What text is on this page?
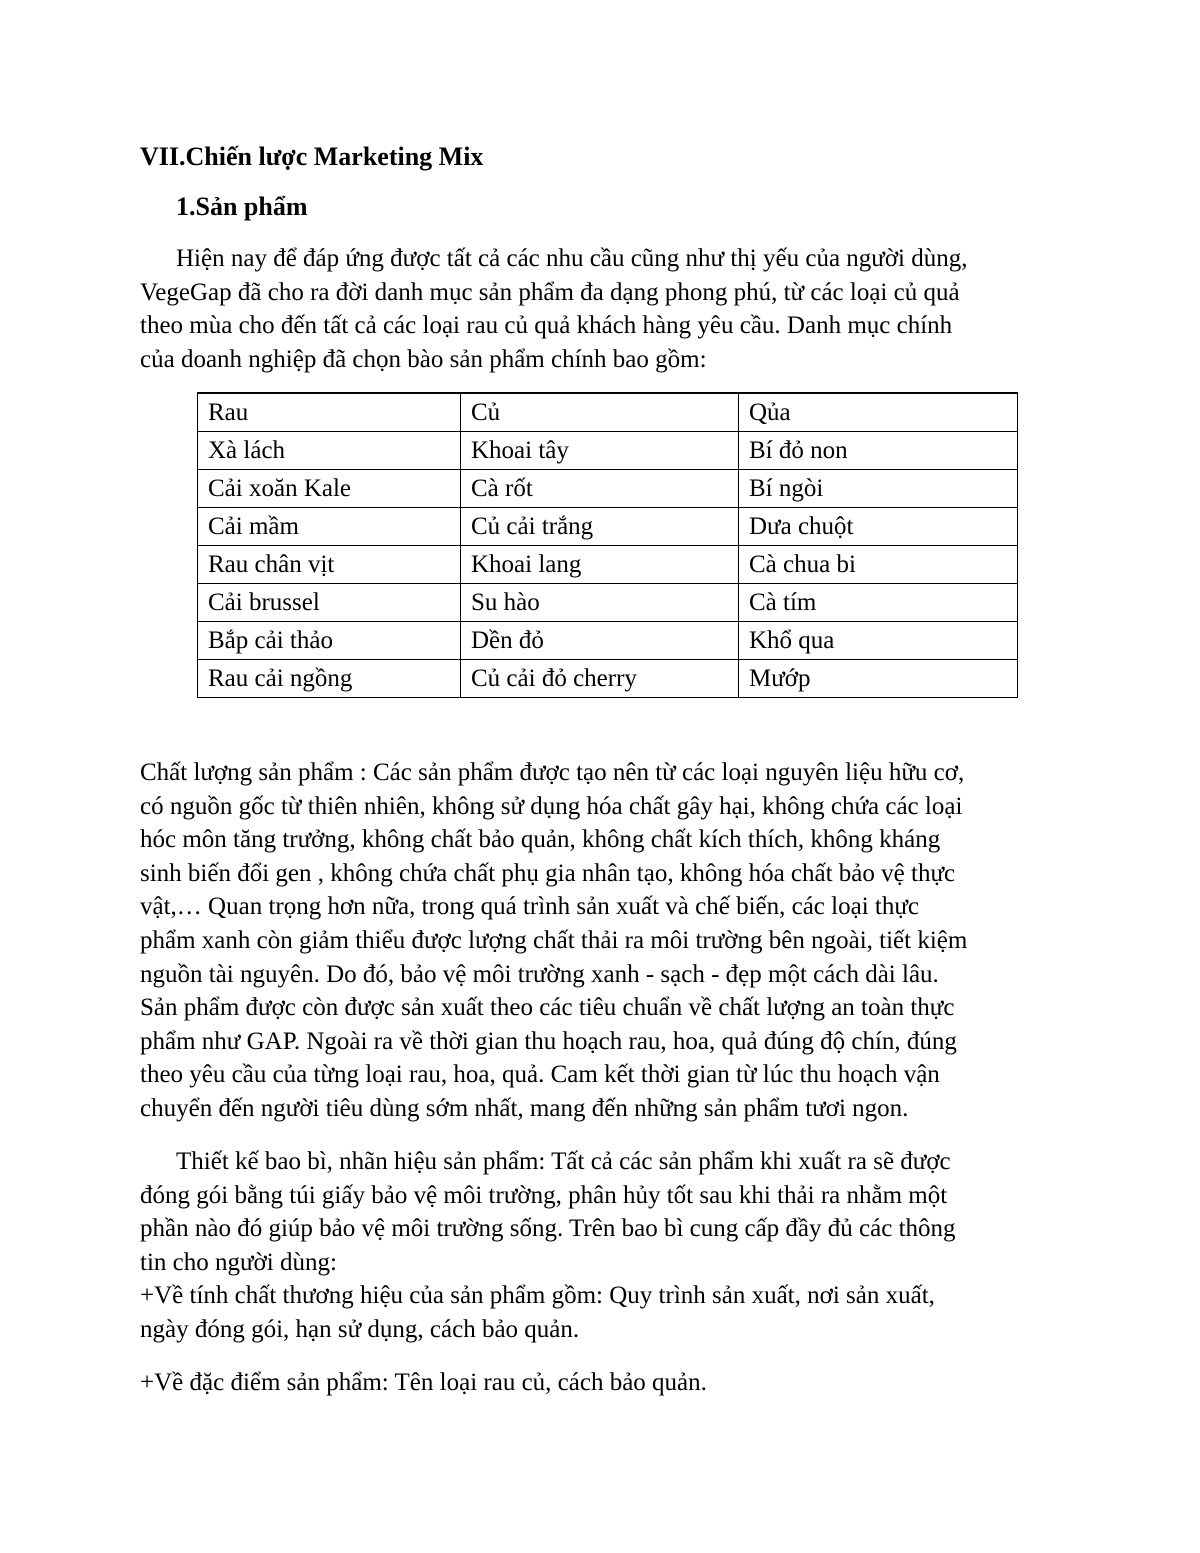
VII.Chiến lược Marketing Mix
1.Sản phẩm
Hiện nay để đáp ứng được tất cả các nhu cầu cũng như thị yếu của người dùng,
VegeGap đã cho ra đời danh mục sản phẩm đa dạng phong phú, từ các loại củ quả
theo mùa cho đến tất cả các loại rau củ quả khách hàng yêu cầu. Danh mục chính
của doanh nghiệp đã chọn bào sản phẩm chính bao gồm:
Rau	Củ	Qủa
Xà lách	Khoai tây	Bí đỏ non
Cải xoăn Kale	Cà rốt	Bí ngòi
Cải mầm	Củ cải trắng	Dưa chuột
Rau chân vịt	Khoai lang	Cà chua bi
Cải brussel	Su hào	Cà tím
Bắp cải thảo	Dền đỏ	Khổ qua
Rau cải ngồng	Củ cải đỏ cherry	Mướp
Chất lượng sản phẩm : Các sản phẩm được tạo nên từ các loại nguyên liệu hữu cơ,
có nguồn gốc từ thiên nhiên, không sử dụng hóa chất gây hại, không chứa các loại
hóc môn tăng trưởng, không chất bảo quản, không chất kích thích, không kháng
sinh biến đổi gen , không chứa chất phụ gia nhân tạo, không hóa chất bảo vệ thực
vật,… Quan trọng hơn nữa, trong quá trình sản xuất và chế biến, các loại thực
phẩm xanh còn giảm thiểu được lượng chất thải ra môi trường bên ngoài, tiết kiệm
nguồn tài nguyên. Do đó, bảo vệ môi trường xanh - sạch - đẹp một cách dài lâu.
Sản phẩm được còn được sản xuất theo các tiêu chuẩn về chất lượng an toàn thực
phẩm như GAP. Ngoài ra về thời gian thu hoạch rau, hoa, quả đúng độ chín, đúng
theo yêu cầu của từng loại rau, hoa, quả. Cam kết thời gian từ lúc thu hoạch vận
chuyển đến người tiêu dùng sớm nhất, mang đến những sản phẩm tươi ngon.
Thiết kế bao bì, nhãn hiệu sản phẩm: Tất cả các sản phẩm khi xuất ra sẽ được
đóng gói bằng túi giấy bảo vệ môi trường, phân hủy tốt sau khi thải ra nhằm một
phần nào đó giúp bảo vệ môi trường sống. Trên bao bì cung cấp đầy đủ các thông
tin cho người dùng:
+Về tính chất thương hiệu của sản phẩm gồm: Quy trình sản xuất, nơi sản xuất,
ngày đóng gói, hạn sử dụng, cách bảo quản.
+Về đặc điểm sản phẩm: Tên loại rau củ, cách bảo quản.
